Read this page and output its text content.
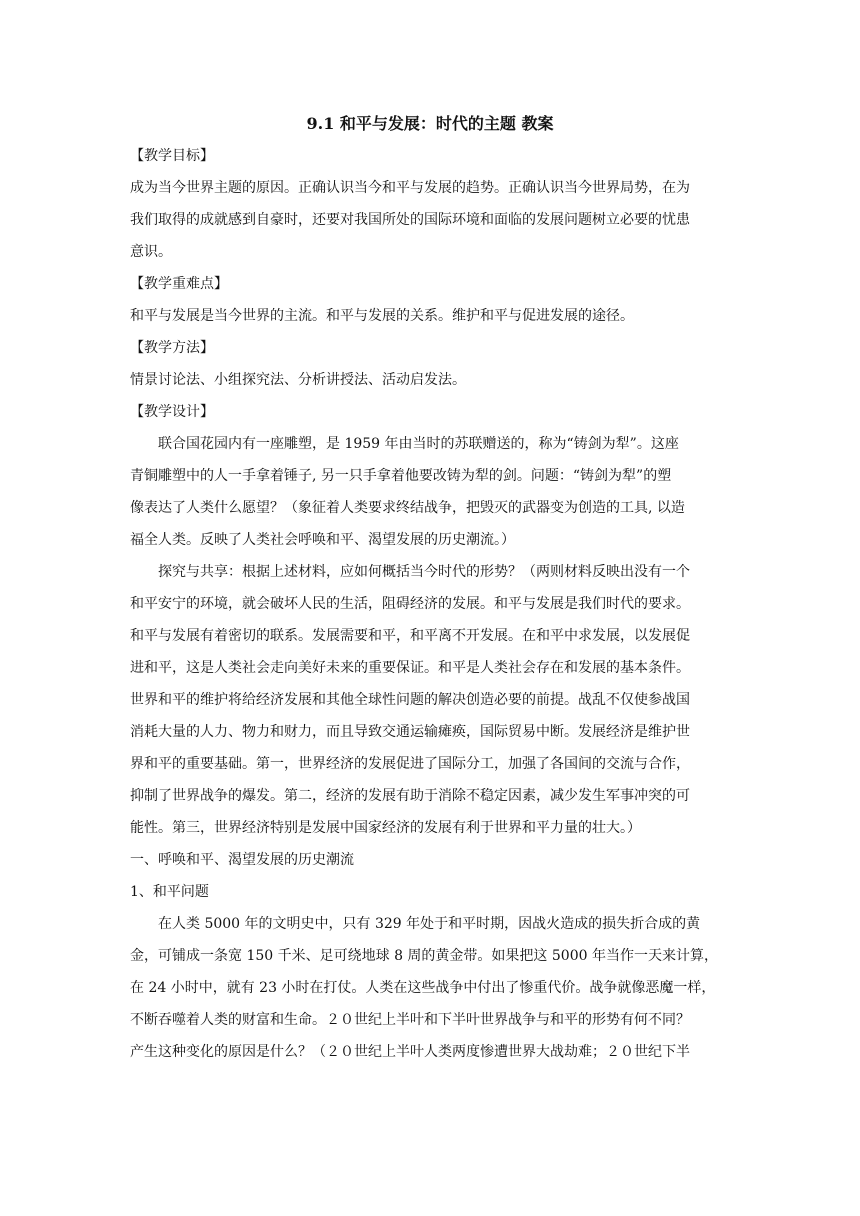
9.1 和平与发展：时代的主题 教案

【教学目标】

成为当今世界主题的原因。正确认识当今和平与发展的趋势。正确认识当今世界局势，在为

我们取得的成就感到自豪时，还要对我国所处的国际环境和面临的发展问题树立必要的忧患

意识。

【教学重难点】

和平与发展是当今世界的主流。和平与发展的关系。维护和平与促进发展的途径。

【教学方法】

情景讨论法、小组探究法、分析讲授法、活动启发法。

【教学设计】

联合国花园内有一座雕塑，是 1959 年由当时的苏联赠送的，称为“铸剑为犁”。这座

青铜雕塑中的人一手拿着锤子, 另一只手拿着他要改铸为犁的剑。问题：“铸剑为犁”的塑

像表达了人类什么愿望？（象征着人类要求终结战争，把毁灭的武器变为创造的工具, 以造

福全人类。反映了人类社会呼唤和平、渴望发展的历史潮流。）

探究与共享：根据上述材料，应如何概括当今时代的形势？（两则材料反映出没有一个

和平安宁的环境，就会破坏人民的生活，阻碍经济的发展。和平与发展是我们时代的要求。

和平与发展有着密切的联系。发展需要和平，和平离不开发展。在和平中求发展，以发展促

进和平，这是人类社会走向美好未来的重要保证。和平是人类社会存在和发展的基本条件。

世界和平的维护将给经济发展和其他全球性问题的解决创造必要的前提。战乱不仅使参战国

消耗大量的人力、物力和财力，而且导致交通运输瘫痪，国际贸易中断。发展经济是维护世

界和平的重要基础。第一，世界经济的发展促进了国际分工，加强了各国间的交流与合作，

抑制了世界战争的爆发。第二，经济的发展有助于消除不稳定因素，减少发生军事冲突的可

能性。第三，世界经济特别是发展中国家经济的发展有利于世界和平力量的壮大。）

一、呼唤和平、渴望发展的历史潮流

1、和平问题

在人类 5000 年的文明史中，只有 329 年处于和平时期，因战火造成的损失折合成的黄

金，可铺成一条宽 150 千米、足可绕地球 8 周的黄金带。如果把这 5000 年当作一天来计算，

在 24 小时中，就有 23 小时在打仗。人类在这些战争中付出了惨重代价。战争就像恶魔一样，

不断吞噬着人类的财富和生命。２０世纪上半叶和下半叶世界战争与和平的形势有何不同？

产生这种变化的原因是什么？（２０世纪上半叶人类两度惨遭世界大战劫难；２０世纪下半
